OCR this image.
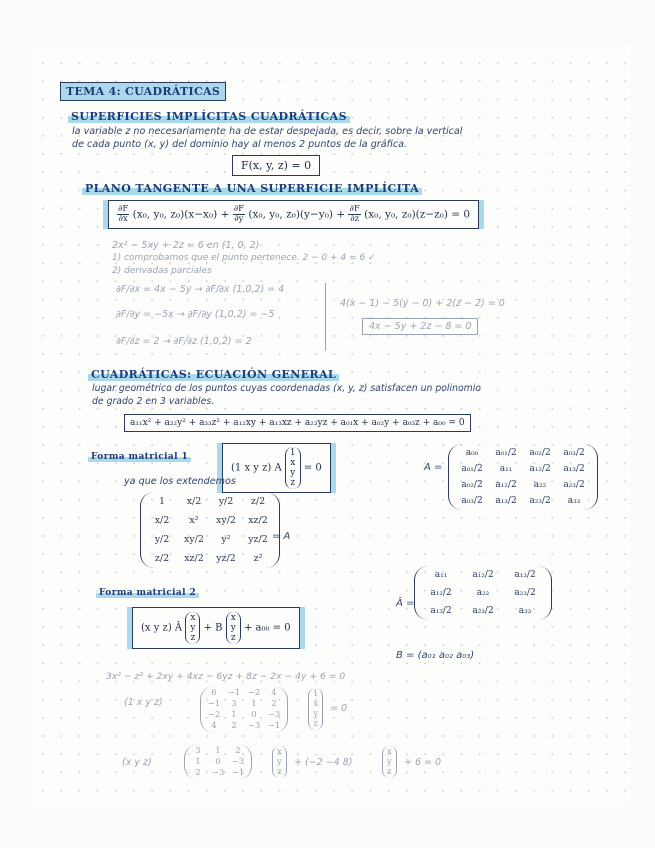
TEMA 4: CUADRÁTICAS
SUPERFICIES IMPLÍCITAS CUADRÁTICAS
la variable z no necesariamente ha de estar despejada, es decir, sobre la vertical
de cada punto (x, y) del dominio hay al menos 2 puntos de la gráfica.
F(x, y, z) = 0
PLANO TANGENTE A UNA SUPERFICIE IMPLÍCITA
$\frac{\partial F}{\partial x} (x_0$, y₀, $z_0)(x-x_0) + \frac{\partial F}{\partial y} (x_0$, y₀, $z_0)(y-y_0) + \frac{\partial F}{\partial z} (x_0$, y₀, z₀)(z−z₀) = 0
2x² − 5xy + 2z = 6 en (1, 0, 2)
1) comprobamos que el punto pertenece. 2 − 0 + 4 = 6 ✓
2) derivadas parciales
∂F/∂x = 4x − 5y → ∂F/∂x (1,0,2) = 4
∂F/∂y = −5x → ∂F/∂y (1,0,2) = −5
∂F/∂z = 2 → ∂F/∂z (1,0,2) = 2
4(x − 1) − 5(y − 0) + 2(z − 2) = 0
4x − 5y + 2z − 8 = 0
CUADRÁTICAS: ECUACIÓN GENERAL
lugar geométrico de los puntos cuyas coordenadas (x, y, z) satisfacen un polinomio
de grado 2 en 3 variables.
a₁₁x² + a₂₂y² + a₃₃z² + a₁₂xy + a₁₃xz + a₂₃yz + a₀₁x + a₀₂y + a₀₃z + a₀₀ = 0
Forma matricial 1
(1 x y z) A
1
x
y
z
= 0
ya que los extendemos
1 x/2 y/2 z/2
x/2 x² xy/2 xz/2
y/2 xy/2 y² yz/2
z/2 xz/2 yz/2 z²
= A
A =
a₀₀ a₀₁/2 a₀₂/2 a₀₃/2
a₀₁/2 a₁₁ a₁₂/2 a₁₃/2
a₀₂/2 a₁₂/2 a₂₂ a₂₃/2
a₀₃/2 a₁₃/2 a₂₃/2 a₃₃
Forma matricial 2
(x y z) Â
x
y
z
+ B
x
y
z
+ a₀₀ = 0
Â =
a₁₁	a₁₂/2 a₁₃/2
a₁₂/2	a₂₂	a₂₃/2
a₁₃/2 a₂₃/2	a₃₃
B = (a₀₁ a₀₂ a₀₃)
3x² − z² + 2xy + 4xz − 6yz + 8z − 2x − 4y + 6 = 0
(1 x y z)
6 −1 −2 4
−1 3 1 2
−2 1 0 −3
4 2 −3 −1
1
x
y
z
= 0
(x y z)
3 1 2
1 0 −3
2 −3 −1
x
y
z
+ (−2 −4 8)
x
y
z
+ 6 = 0
